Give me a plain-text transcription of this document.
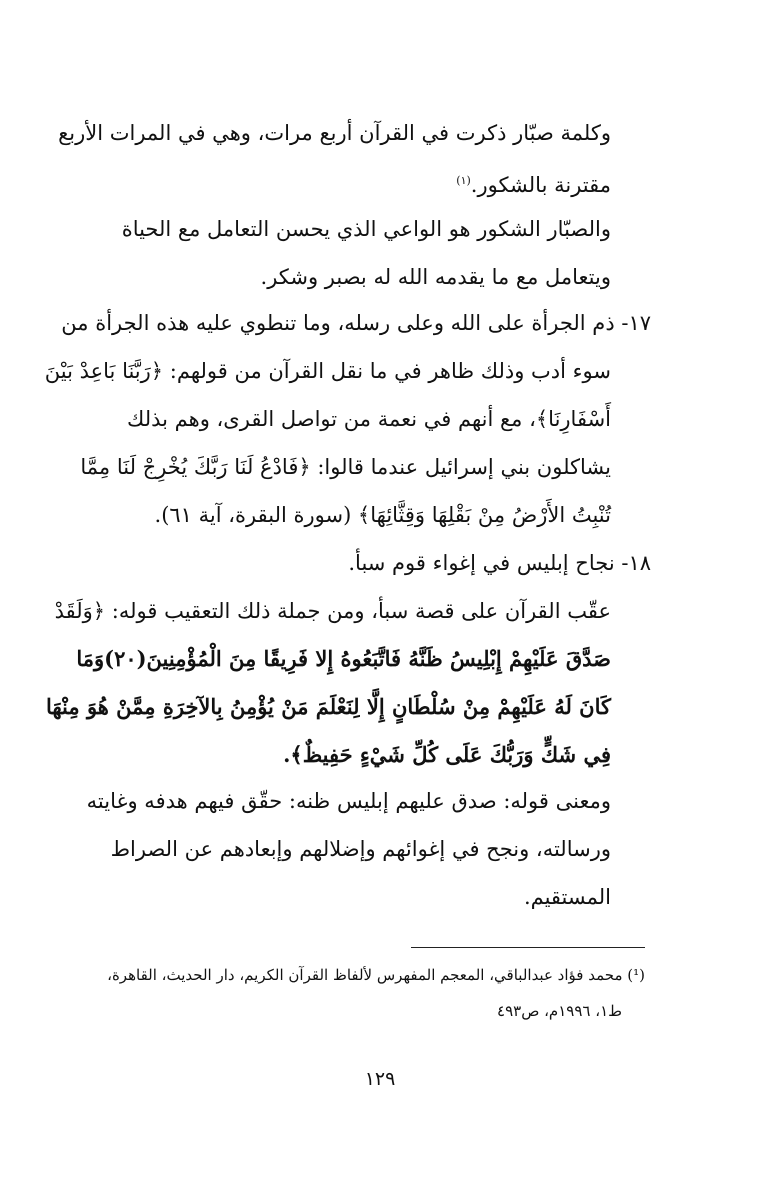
وكلمة صبّار ذكرت في القرآن أربع مرات، وهي في المرات الأربع
مقترنة بالشكور.$^{(١)}$
والصبّار الشكور هو الواعي الذي يحسن التعامل مع الحياة
ويتعامل مع ما يقدمه الله له بصبر وشكر.
١٧- ذم الجرأة على الله وعلى رسله، وما تنطوي عليه هذه الجرأة من
سوء أدب وذلك ظاهر في ما نقل القرآن من قولهم: ﴿رَبَّنَا بَاعِدْ بَيْنَ
أَسْفَارِنَا﴾، مع أنهم في نعمة من تواصل القرى، وهم بذلك
يشاكلون بني إسرائيل عندما قالوا: ﴿فَادْعُ لَنَا رَبَّكَ يُخْرِجْ لَنَا مِمَّا
تُنْبِتُ الأَرْضُ مِنْ بَقْلِهَا وَقِثَّائِهَا﴾ (سورة البقرة، آية ٦١).
١٨- نجاح إبليس في إغواء قوم سبأ.
عقّب القرآن على قصة سبأ، ومن جملة ذلك التعقيب قوله: ﴿وَلَقَدْ
صَدَّقَ عَلَيْهِمْ إِبْلِيسُ ظَنَّهُ فَاتَّبَعُوهُ إِلا فَرِيقًا مِنَ الْمُؤْمِنِينَ(٢٠)وَمَا
كَانَ لَهُ عَلَيْهِمْ مِنْ سُلْطَانٍ إِلَّا لِنَعْلَمَ مَنْ يُؤْمِنُ بِالآخِرَةِ مِمَّنْ هُوَ مِنْهَا
فِي شَكٍّ وَرَبُّكَ عَلَى كُلِّ شَيْءٍ حَفِيظٌ﴾.
ومعنى قوله: صدق عليهم إبليس ظنه: حقّق فيهم هدفه وغايته
ورسالته، ونجح في إغوائهم وإضلالهم وإبعادهم عن الصراط
المستقيم.
(¹) محمد فؤاد عبدالباقي، المعجم المفهرس لألفاظ القرآن الكريم، دار الحديث، القاهرة،
ط١، ١٩٩٦م، ص٤٩٣
١٢٩
